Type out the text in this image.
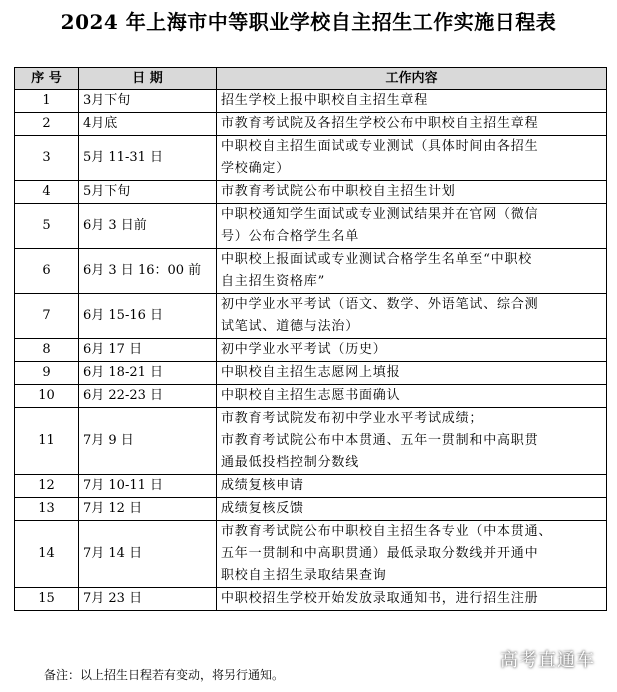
2024 年上海市中等职业学校自主招生工作实施日程表
序 号	日 期	工作内容
1	3月下旬	招生学校上报中职校自主招生章程

2	4月底	市教育考试院及各招生学校公布中职校自主招生章程

3	5月 11-31 日	中职校自主招生面试或专业测试（具体时间由各招生
学校确定）

4	5月下旬	市教育考试院公布中职校自主招生计划

5	6月 3 日前	中职校通知学生面试或专业测试结果并在官网（微信
号）公布合格学生名单

6	6月 3 日 16：00 前	中职校上报面试或专业测试合格学生名单至“中职校
自主招生资格库”

7	6月 15-16 日	初中学业水平考试（语文、数学、外语笔试、综合测
试笔试、道德与法治）

8	6月 17 日	初中学业水平考试（历史）

9	6月 18-21 日	中职校自主招生志愿网上填报

10	6月 22-23 日	中职校自主招生志愿书面确认

11	7月 9 日	市教育考试院发布初中学业水平考试成绩；
市教育考试院公布中本贯通、五年一贯制和中高职贯
通最低投档控制分数线

12	7月 10-11 日	成绩复核申请

13	7月 12 日	成绩复核反馈

14	7月 14 日	市教育考试院公布中职校自主招生各专业（中本贯通、
五年一贯制和中高职贯通）最低录取分数线并开通中
职校自主招生录取结果查询

15	7月 23 日	中职校招生学校开始发放录取通知书，进行招生注册
备注：以上招生日程若有变动，将另行通知。
高考直通车
